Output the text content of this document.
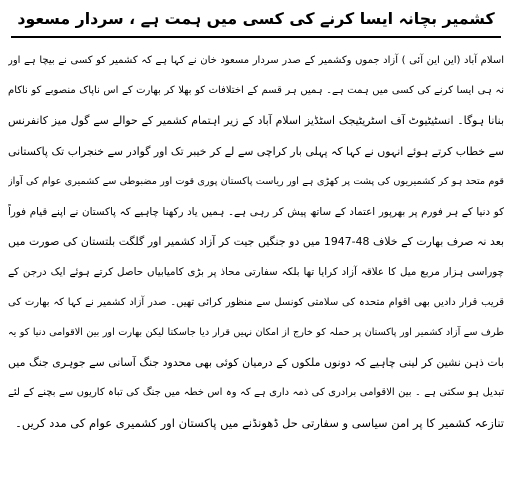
کشمیر بچانہ ایسا کرنے کی کسی میں ہمت ہے ، سردار مسعود
اسلام آباد (این این آئی ) آزاد جموں وکشمیر کے صدر سردار مسعود خان نے کہا ہے کہ کشمیر کو کسی نے بیچا ہے اور
نہ ہی ایسا کرنے کی کسی میں ہمت ہے۔ ہمیں ہر قسم کے اختلافات کو بھلا کر بھارت کے اس ناپاک منصوبے کو ناکام
بنانا ہوگا۔ انسٹیٹیوٹ آف اسٹریٹیجک اسٹڈیز اسلام آباد کے زیر اہتمام کشمیر کے حوالے سے گول میز کانفرنس
سے خطاب کرتے ہوئے انہوں نے کہا کہ پہلی بار کراچی سے لے کر خیبر تک اور گوادر سے خنجراب تک پاکستانی
قوم متحد ہو کر کشمیریوں کی پشت پر کھڑی ہے اور ریاست پاکستان پوری قوت اور مضبوطی سے کشمیری عوام کی آواز
کو دنیا کے ہر فورم پر بھرپور اعتماد کے ساتھ پیش کر رہی ہے۔ ہمیں یاد رکھنا چاہیے کہ پاکستان نے اپنے قیام فوراً
بعد نہ صرف بھارت کے خلاف 48-1947 میں دو جنگیں جیت کر آزاد کشمیر اور گلگت بلتستان کی صورت میں
چوراسی ہزار مربع میل کا علاقہ آزاد کرایا تھا بلکہ سفارتی محاذ پر بڑی کامیابیاں حاصل کرتے ہوئے ایک درجن کے
قریب قرار دادیں بھی اقوام متحدہ کی سلامتی کونسل سے منظور کرائی تھیں۔ صدر آزاد کشمیر نے کہا کہ بھارت کی
طرف سے آزاد کشمیر اور پاکستان پر حملہ کو خارج از امکان نہیں قرار دیا جاسکتا لیکن بھارت اور بین الاقوامی دنیا کو یہ
بات ذہن نشین کر لینی چاہیے کہ دونوں ملکوں کے درمیان کوئی بھی محدود جنگ آسانی سے جوہری جنگ میں
تبدیل ہو سکتی ہے ۔ بین الاقوامی برادری کی ذمہ داری ہے کہ وہ اس خطہ میں جنگ کی تباہ کاریوں سے بچنے کے لئے
تنازعہ کشمیر کا پر امن سیاسی و سفارتی حل ڈھونڈنے میں پاکستان اور کشمیری عوام کی مدد کریں۔
